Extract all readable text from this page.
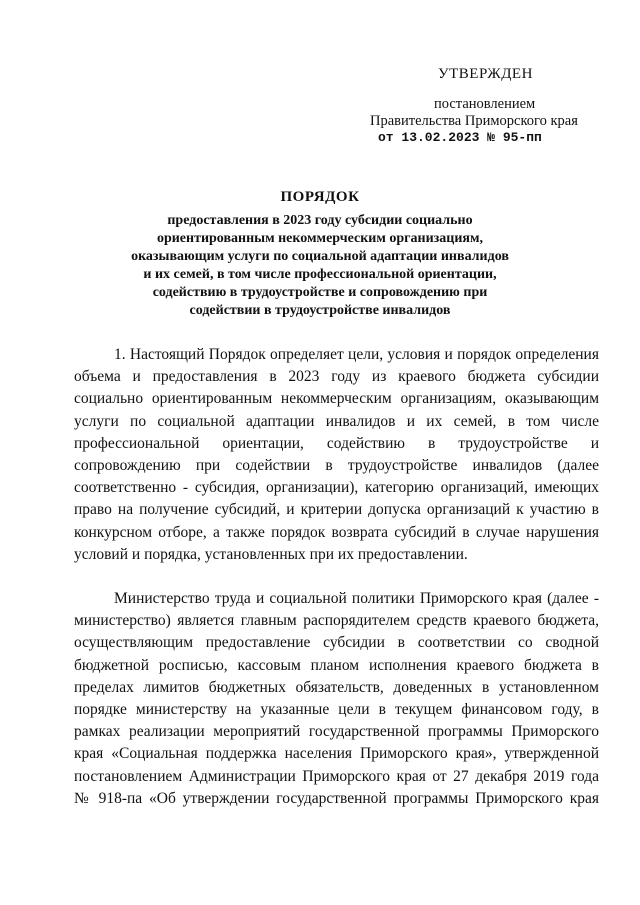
УТВЕРЖДЕН
постановлением
Правительства Приморского края
от 13.02.2023 № 95-пп
ПОРЯДОК
предоставления в 2023 году субсидии социально
ориентированным некоммерческим организациям,
оказывающим услуги по социальной адаптации инвалидов
и их семей, в том числе профессиональной ориентации,
содействию в трудоустройстве и сопровождению при
содействии в трудоустройстве инвалидов
1. Настоящий Порядок определяет цели, условия и порядок определения
объема и предоставления в 2023 году из краевого бюджета субсидии
социально ориентированным некоммерческим организациям, оказывающим
услуги по социальной адаптации инвалидов и их семей, в том числе
профессиональной ориентации, содействию в трудоустройстве и
сопровождению при содействии в трудоустройстве инвалидов (далее
соответственно - субсидия, организации), категорию организаций, имеющих
право на получение субсидий, и критерии допуска организаций к участию в
конкурсном отборе, а также порядок возврата субсидий в случае нарушения
условий и порядка, установленных при их предоставлении.
Министерство труда и социальной политики Приморского края (далее -
министерство) является главным распорядителем средств краевого бюджета,
осуществляющим предоставление субсидии в соответствии со сводной
бюджетной росписью, кассовым планом исполнения краевого бюджета в
пределах лимитов бюджетных обязательств, доведенных в установленном
порядке министерству на указанные цели в текущем финансовом году, в
рамках реализации мероприятий государственной программы Приморского
края «Социальная поддержка населения Приморского края», утвержденной
постановлением Администрации Приморского края от 27 декабря 2019 года
№ 918-па «Об утверждении государственной программы Приморского края
